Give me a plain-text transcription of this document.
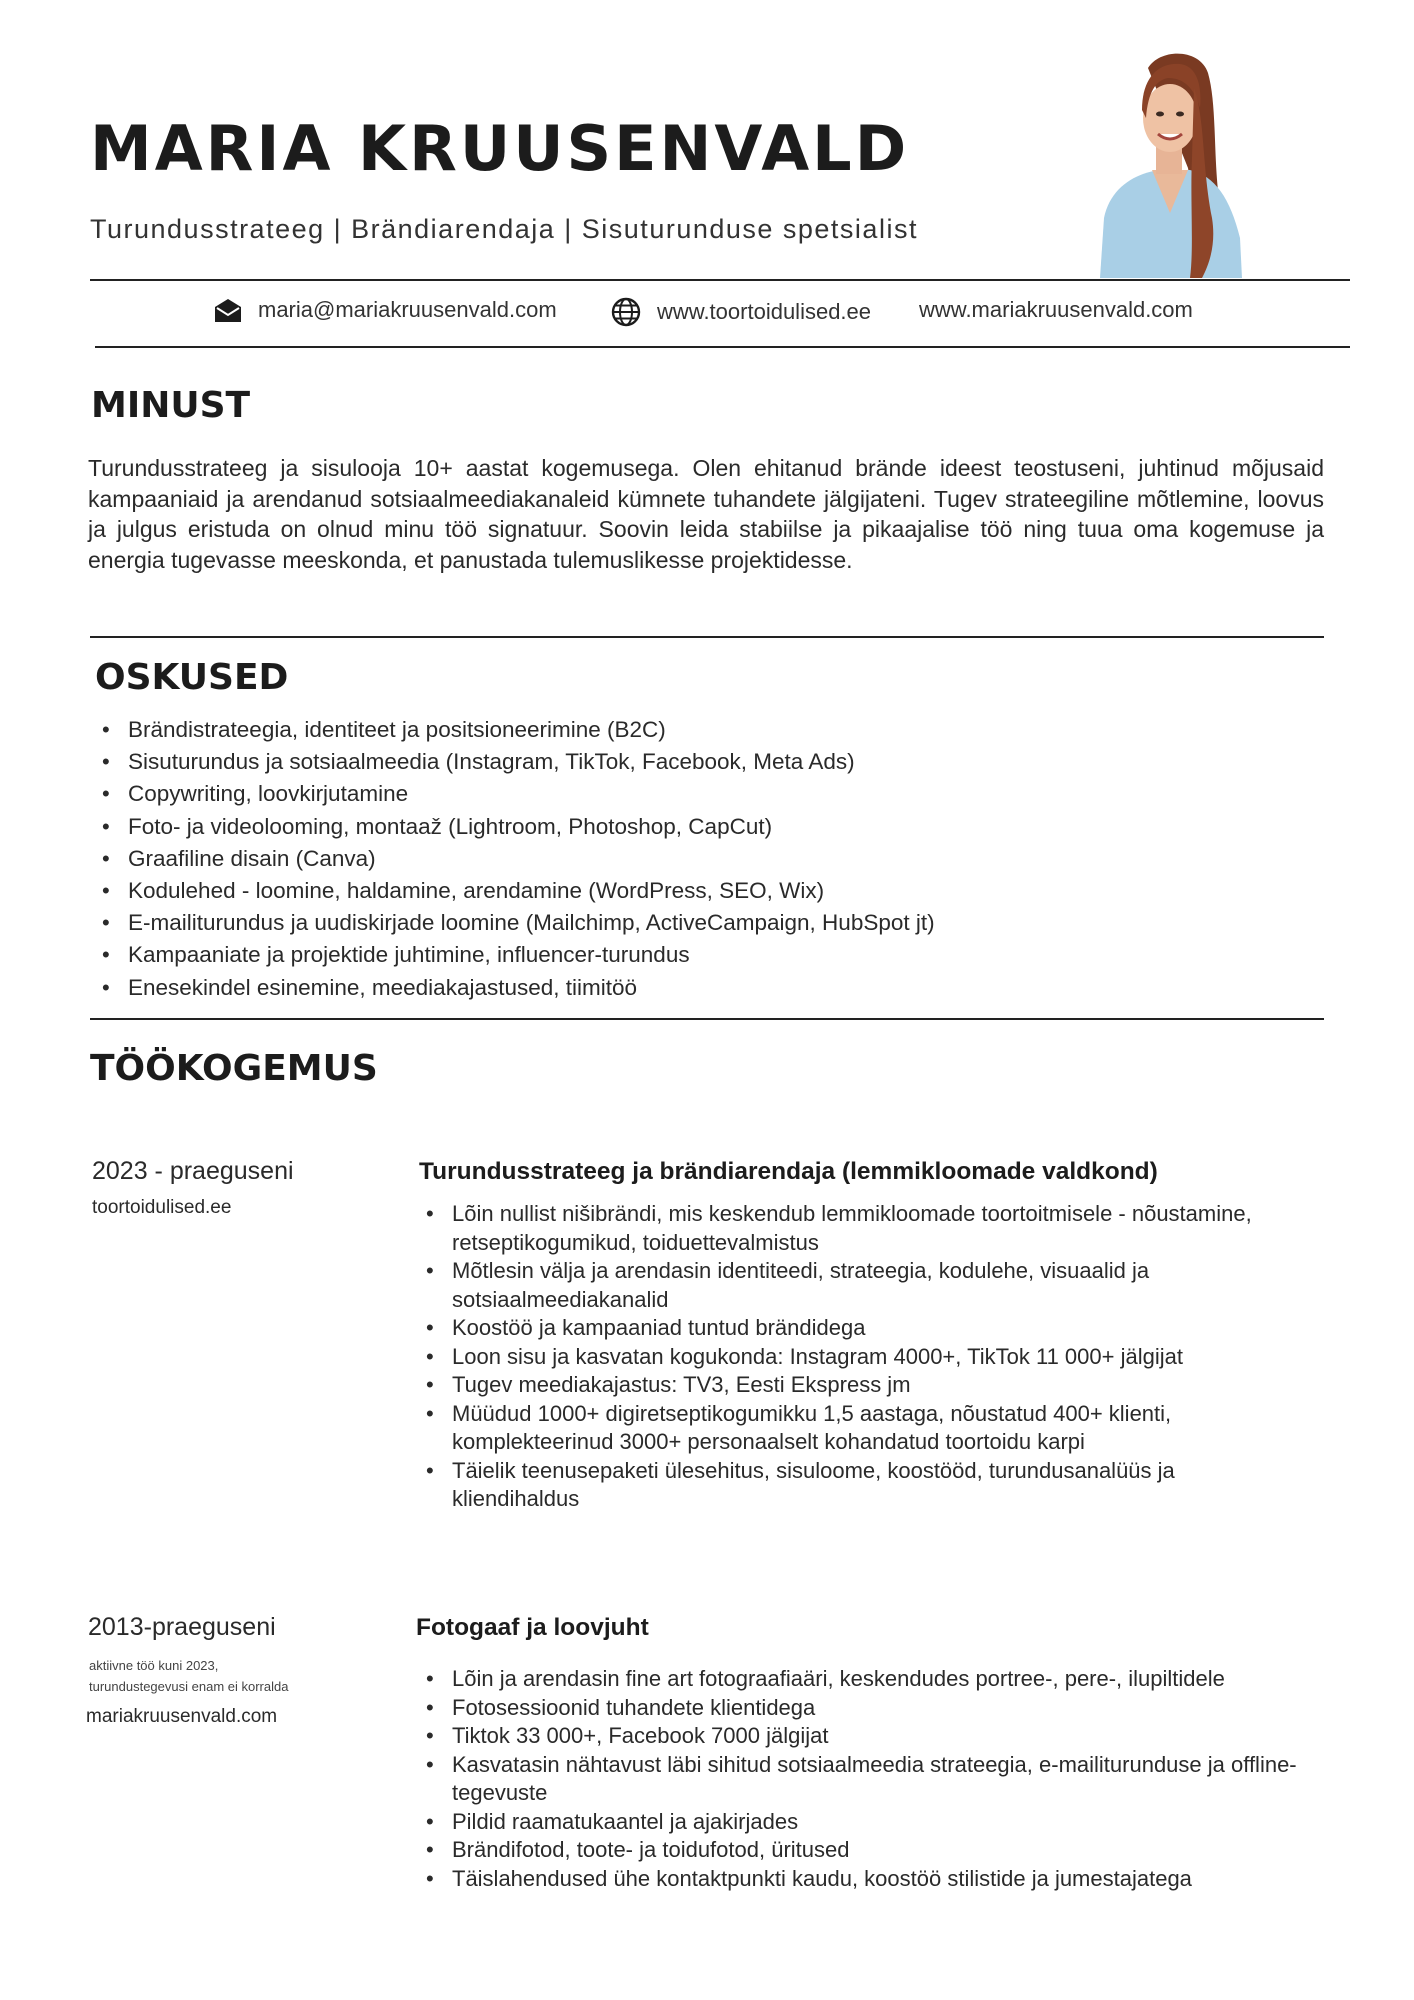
MARIA KRUUSENVALD
Turundusstrateeg | Brändiarendaja | Sisuturunduse spetsialist
maria@mariakruusenvald.com	www.toortoidulised.ee www.mariakruusenvald.com
MINUST
Turundusstrateeg ja sisulooja 10+ aastat kogemusega. Olen ehitanud brände ideest teostuseni, juhtinud mõjusaid kampaaniaid ja arendanud sotsiaalmeediakanaleid kümnete tuhandete jälgijateni. Tugev strateegiline mõtlemine, loovus ja julgus eristuda on olnud minu töö signatuur. Soovin leida stabiilse ja pikaajalise töö ning tuua oma kogemuse ja energia tugevasse meeskonda, et panustada tulemuslikesse projektidesse.
OSKUSED
• Brändistrateegia, identiteet ja positsioneerimine (B2C)
• Sisuturundus ja sotsiaalmeedia (Instagram, TikTok, Facebook, Meta Ads)
• Copywriting, loovkirjutamine
• Foto- ja videolooming, montaaž (Lightroom, Photoshop, CapCut)
• Graafiline disain (Canva)
• Kodulehed - loomine, haldamine, arendamine (WordPress, SEO, Wix)
• E-mailiturundus ja uudiskirjade loomine (Mailchimp, ActiveCampaign, HubSpot jt)
• Kampaaniate ja projektide juhtimine, influencer-turundus
• Enesekindel esinemine, meediakajastused, tiimitöö
TÖÖKOGEMUS
2023 - praeguseni
toortoidulised.ee
Turundusstrateeg ja brändiarendaja (lemmikloomade valdkond)
• Lõin nullist nišibrändi, mis keskendub lemmikloomade toortoitmisele - nõustamine, retseptikogumikud, toiduettevalmistus
• Mõtlesin välja ja arendasin identiteedi, strateegia, kodulehe, visuaalid ja sotsiaalmeediakanalid
• Koostöö ja kampaaniad tuntud brändidega
• Loon sisu ja kasvatan kogukonda: Instagram 4000+, TikTok 11 000+ jälgijat
• Tugev meediakajastus: TV3, Eesti Ekspress jm
• Müüdud 1000+ digiretseptikogumikku 1,5 aastaga, nõustatud 400+ klienti, komplekteerinud 3000+ personaalselt kohandatud toortoidu karpi
• Täielik teenusepaketi ülesehitus, sisuloome, koostööd, turundusanalüüs ja kliendihaldus
2013-praeguseni
aktiivne töö kuni 2023,
turundustegevusi enam ei korralda
mariakruusenvald.com
Fotogaaf ja loovjuht
• Lõin ja arendasin fine art fotograafiaäri, keskendudes portree-, pere-, ilupiltidele
• Fotosessioonid tuhandete klientidega
• Tiktok 33 000+, Facebook 7000 jälgijat
• Kasvatasin nähtavust läbi sihitud sotsiaalmeedia strateegia, e-mailiturunduse ja offline-tegevuste
• Pildid raamatukaantel ja ajakirjades
• Brändifotod, toote- ja toidufotod, üritused
• Täislahendused ühe kontaktpunkti kaudu, koostöö stilistide ja jumestajatega
